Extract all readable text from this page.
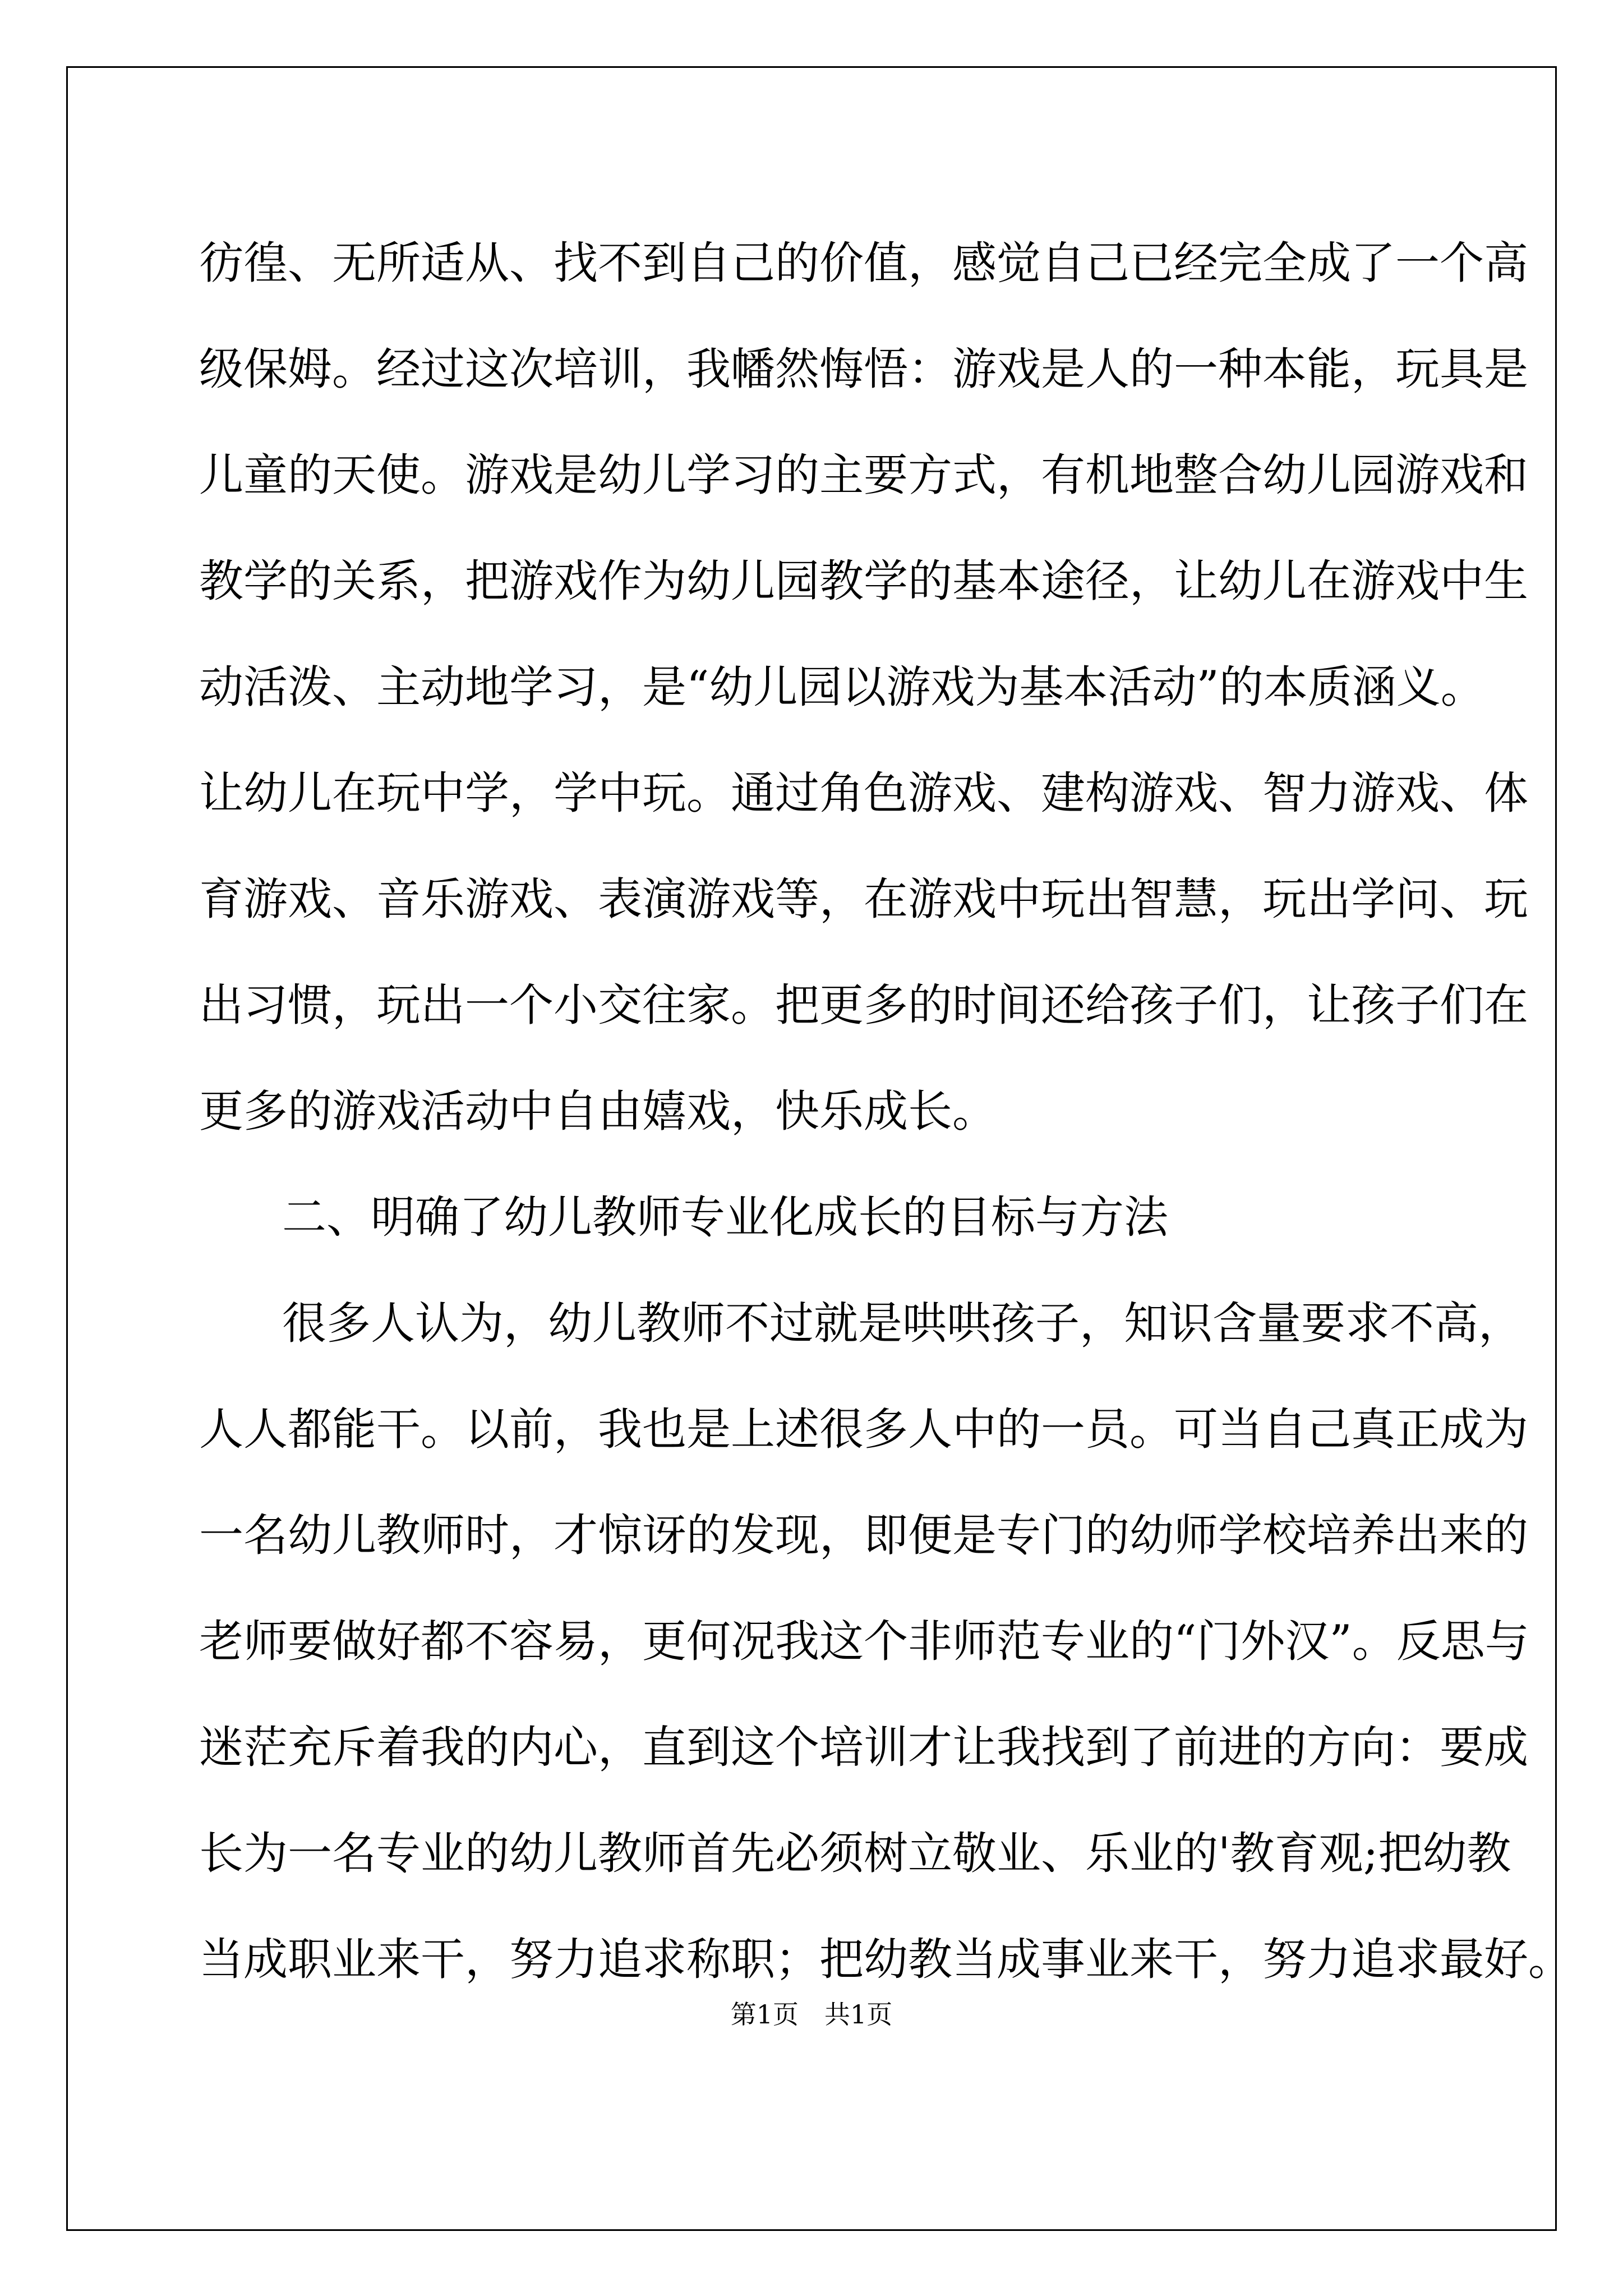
彷徨、无所适从、找不到自己的价值，感觉自己已经完全成了一个高
级保姆。经过这次培训，我幡然悔悟：游戏是人的一种本能，玩具是
儿童的天使。游戏是幼儿学习的主要方式，有机地整合幼儿园游戏和
教学的关系，把游戏作为幼儿园教学的基本途径，让幼儿在游戏中生
动活泼、主动地学习，是“幼儿园以游戏为基本活动”的本质涵义。
让幼儿在玩中学，学中玩。通过角色游戏、建构游戏、智力游戏、体
育游戏、音乐游戏、表演游戏等，在游戏中玩出智慧，玩出学问、玩
出习惯，玩出一个小交往家。把更多的时间还给孩子们，让孩子们在
更多的游戏活动中自由嬉戏，快乐成长。
二、明确了幼儿教师专业化成长的目标与方法
很多人认为，幼儿教师不过就是哄哄孩子，知识含量要求不高，
人人都能干。以前，我也是上述很多人中的一员。可当自己真正成为
一名幼儿教师时，才惊讶的发现，即便是专门的幼师学校培养出来的
老师要做好都不容易，更何况我这个非师范专业的“门外汉”。反思与
迷茫充斥着我的内心，直到这个培训才让我找到了前进的方向：要成
长为一名专业的幼儿教师首先必须树立敬业、乐业的'教育观;把幼教
当成职业来干，努力追求称职；把幼教当成事业来干，努力追求最好。
第1页　共1页
